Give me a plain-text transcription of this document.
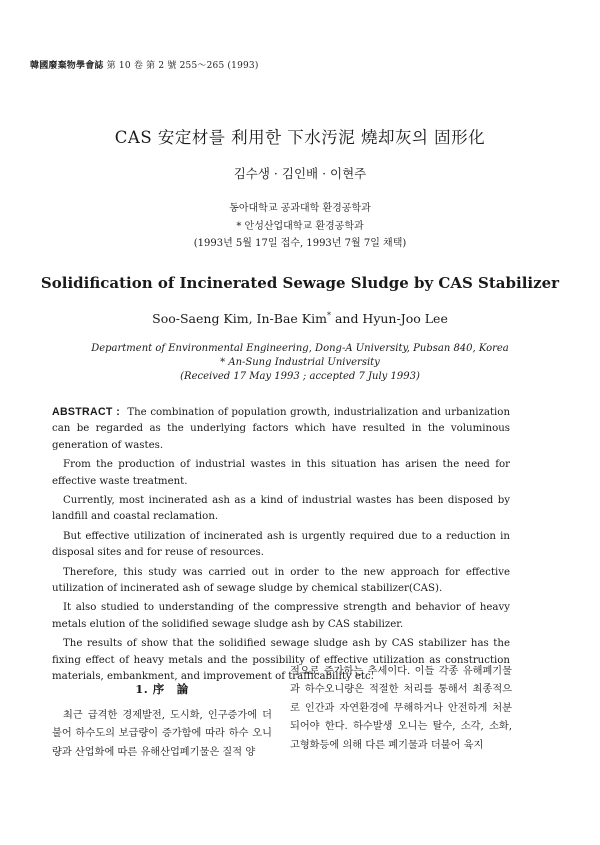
韓國廢棄物學會誌 第 10 卷 第 2 號 255～265 (1993)
CAS 安定材를 利用한 下水汚泥 燒却灰의 固形化
김수생 · 김인배 · 이현주
동아대학교 공과대학 환경공학과
* 안성산업대학교 환경공학과
(1993년 5월 17일 접수, 1993년 7월 7일 채택)
Solidification of Incinerated Sewage Sludge by CAS Stabilizer
Soo-Saeng Kim, In-Bae Kim* and Hyun-Joo Lee
Department of Environmental Engineering, Dong-A University, Pubsan 840, Korea
* An-Sung Industrial University
(Received 17 May 1993 ; accepted 7 July 1993)

ABSTRACT : The combination of population growth, industrialization and urbanization can be regarded as the underlying factors which have resulted in the voluminous generation of wastes.

From the production of industrial wastes in this situation has arisen the need for effective waste treatment.

Currently, most incinerated ash as a kind of industrial wastes has been disposed by landfill and coastal reclamation.

But effective utilization of incinerated ash is urgently required due to a reduction in disposal sites and for reuse of resources.

Therefore, this study was carried out in order to the new approach for effective utilization of incinerated ash of sewage sludge by chemical stabilizer(CAS).

It also studied to understanding of the compressive strength and behavior of heavy metals elution of the solidified sewage sludge ash by CAS stabilizer.

The results of show that the solidified sewage sludge ash by CAS stabilizer has the fixing effect of heavy metals and the possibility of effective utilization as construction materials, embankment, and improvement of trafficability etc.

1. 序　論

최근 급격한 경제발전, 도시화, 인구증가에 더불어 하수도의 보급량이 증가함에 따라 하수 오니량과 산업화에 따른 유해산업폐기물은 질적 양

적으로 증가하는 추세이다. 이들 각종 유해폐기물과 하수오니량은 적절한 처리를 통해서 최종적으로 인간과 자연환경에 무해하거나 안전하게 처분되어야 한다. 하수발생 오니는 탈수, 소각, 소화, 고형화등에 의해 다른 폐기물과 더불어 육지
